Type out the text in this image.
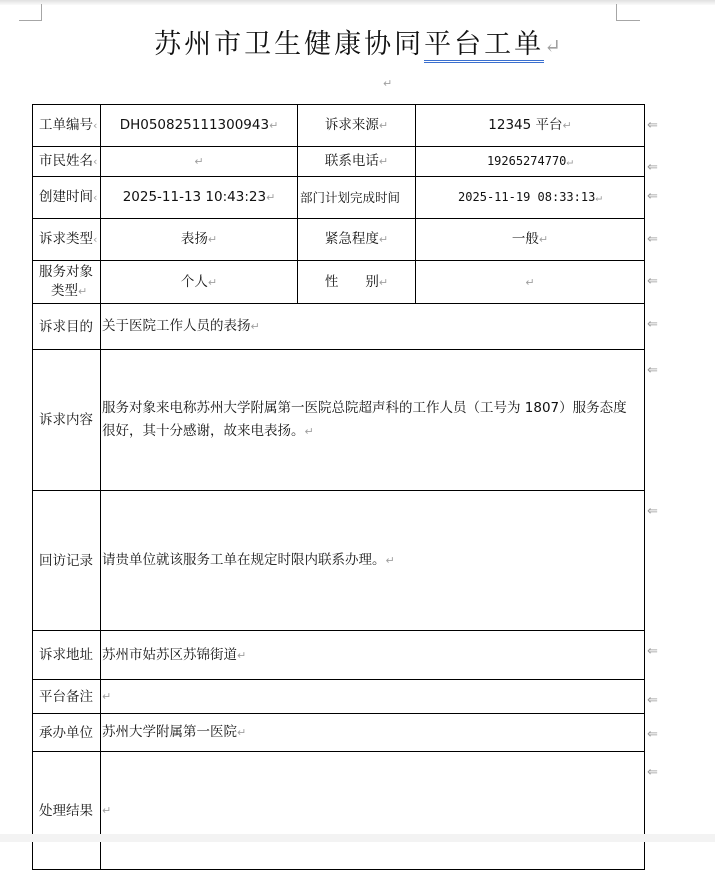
苏州市卫生健康协同平台工单↵
↵
工单编号‹	DH050825111300943↵	诉求来源↵	12345 平台↵
市民姓名‹	↵	联系电话↵	19265274770↵
创建时间‹	2025-11-13 10:43:23↵	部门计划完成时间	2025-11-19 08:33:13↵
诉求类型‹	表扬↵	紧急程度↵	一般↵

服务对象
类型↵	个人↵	性　　别↵	↵
诉求目的	关于医院工作人员的表扬↵		
诉求内容	服务对象来电称苏州大学附属第一医院总院超声科的工作人员（工号为 1807）服务态度很好，其十分感谢，故来电表扬。↵		
回访记录	请贵单位就该服务工单在规定时限内联系办理。↵		
诉求地址	苏州市姑苏区苏锦街道↵		
平台备注	↵		
承办单位	苏州大学附属第一医院↵		
处理结果	↵		
⇐
⇐
⇐
⇐
⇐
⇐
⇐
⇐
⇐
⇐
⇐
⇐
